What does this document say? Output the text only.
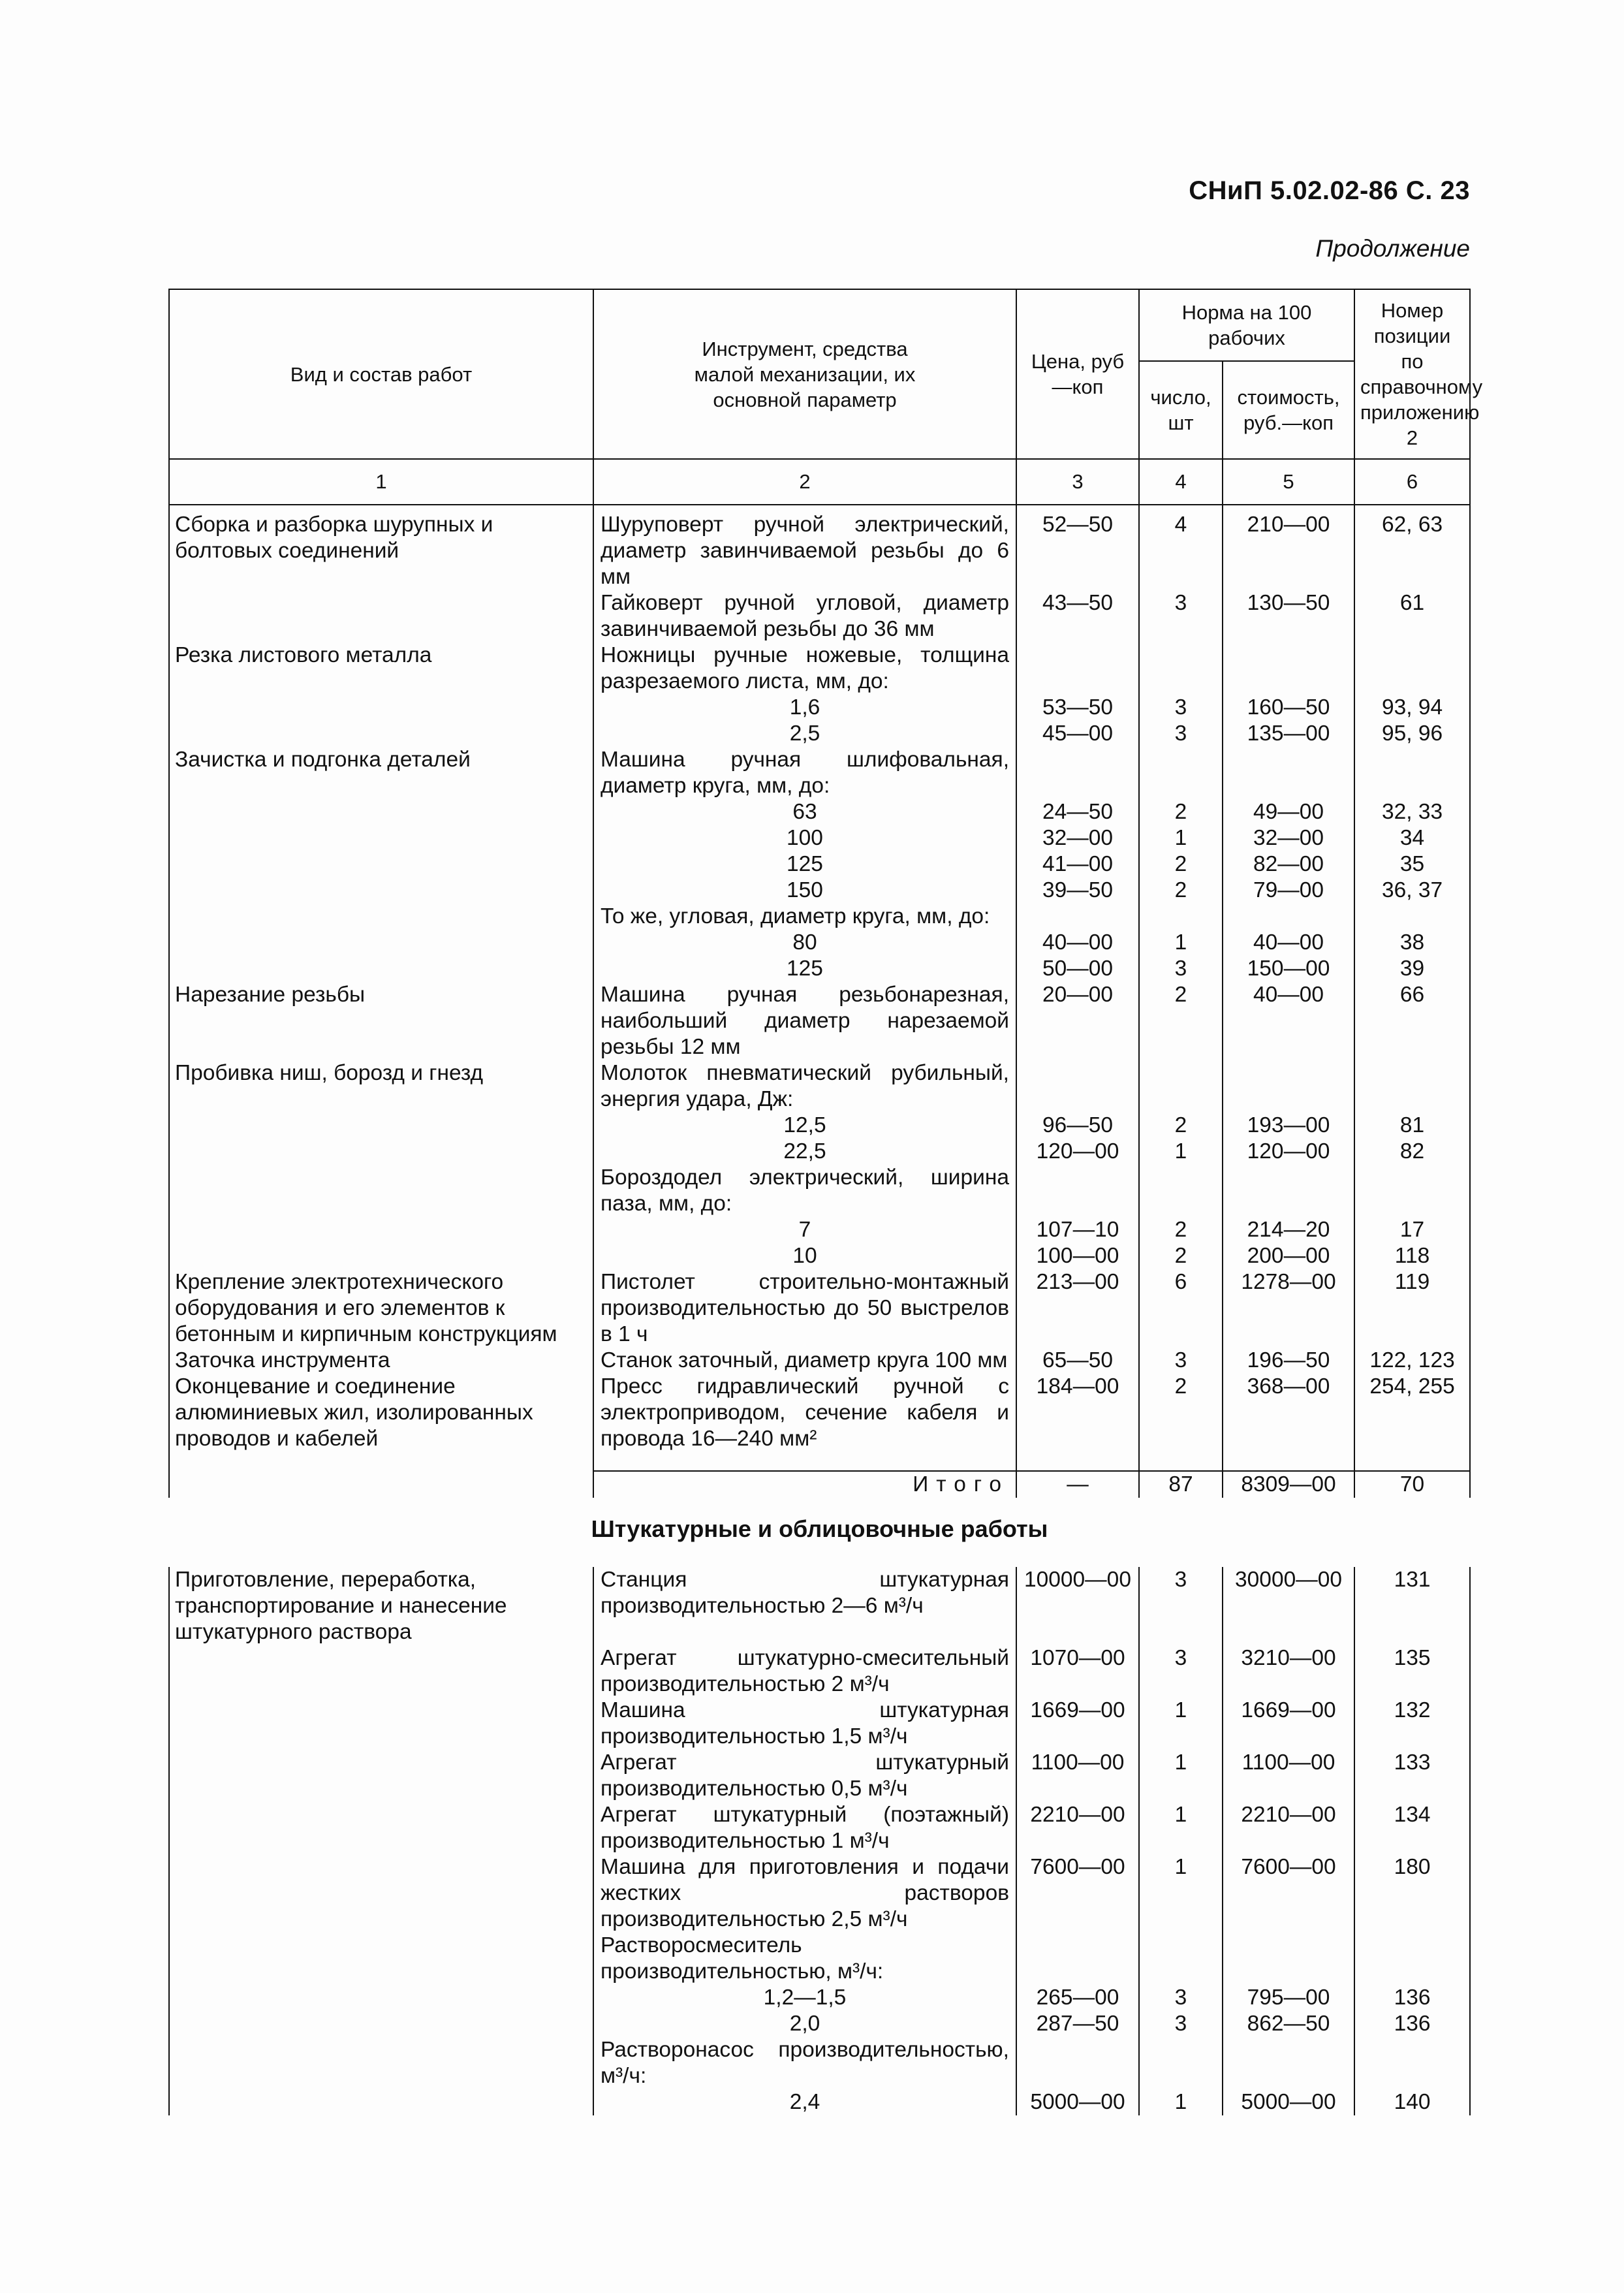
СНиП 5.02.02-86 С. 23
Продолжение
Вид и состав работ	Инструмент, средства малой механизации, их основной параметр	Цена, руб —коп	Норма на 100 рабочих		Номер позиции по справочному приложению 2
			число, шт	стоимость, руб.—коп	
1	2	3	4	5	6
Сборка и разборка шурупных и болтовых соединений	Шуруповерт ручной электрический, диаметр завинчиваемой резьбы до 6 мм	52—50	4	210—00	62, 63
	Гайковерт ручной угловой, диаметр завинчиваемой резьбы до 36 мм	43—50	3	130—50	61
Резка листового металла	Ножницы ручные ножевые, толщина разрезаемого листа, мм, до:				
	1,6	53—50	3	160—50	93, 94
	2,5	45—00	3	135—00	95, 96
Зачистка и подгонка деталей	Машина ручная шлифовальная, диаметр круга, мм, до:				
	63	24—50	2	49—00	32, 33
	100	32—00	1	32—00	34
	125	41—00	2	82—00	35
	150	39—50	2	79—00	36, 37
	То же, угловая, диаметр круга, мм, до:				
	80	40—00	1	40—00	38
	125	50—00	3	150—00	39
Нарезание резьбы	Машина ручная резьбонарезная, наибольший диаметр нарезаемой резьбы 12 мм	20—00	2	40—00	66
Пробивка ниш, борозд и гнезд	Молоток пневматический рубильный, энергия удара, Дж:				
	12,5	96—50	2	193—00	81
	22,5	120—00	1	120—00	82
	Бороздодел электрический, ширина паза, мм, до:				
	7	107—10	2	214—20	17
	10	100—00	2	200—00	118
Крепление электротехнического оборудования и его элементов к бетонным и кирпичным конструкциям	Пистолет строительно-монтажный производительностью до 50 выстрелов в 1 ч	213—00	6	1278—00	119
Заточка инструмента	Станок заточный, диаметр круга 100 мм	65—50	3	196—50	122, 123
Оконцевание и соединение алюминиевых жил, изолированных проводов и кабелей	Пресс гидравлический ручной с электроприводом, сечение кабеля и провода 16—240 мм²	184—00	2	368—00	254, 255

	Итого	—	87	8309—00	70
Штукатурные и облицовочные работы					
Приготовление, переработка, транспортирование и нанесение штукатурного раствора	Станция штукатурная производительностью 2—6 м³/ч	10000—00	3	30000—00	131
	Агрегат штукатурно-смесительный производительностью 2 м³/ч	1070—00	3	3210—00	135
	Машина штукатурная производительностью 1,5 м³/ч	1669—00	1	1669—00	132
	Агрегат штукатурный производительностью 0,5 м³/ч	1100—00	1	1100—00	133
	Агрегат штукатурный (поэтажный) производительностью 1 м³/ч	2210—00	1	2210—00	134
	Машина для приготовления и подачи жестких растворов производительностью 2,5 м³/ч	7600—00	1	7600—00	180
	Растворосмеситель производительностью, м³/ч:				
	1,2—1,5	265—00	3	795—00	136
	2,0	287—50	3	862—50	136
	Растворонасос производительностью, м³/ч:				
	2,4	5000—00	1	5000—00	140
